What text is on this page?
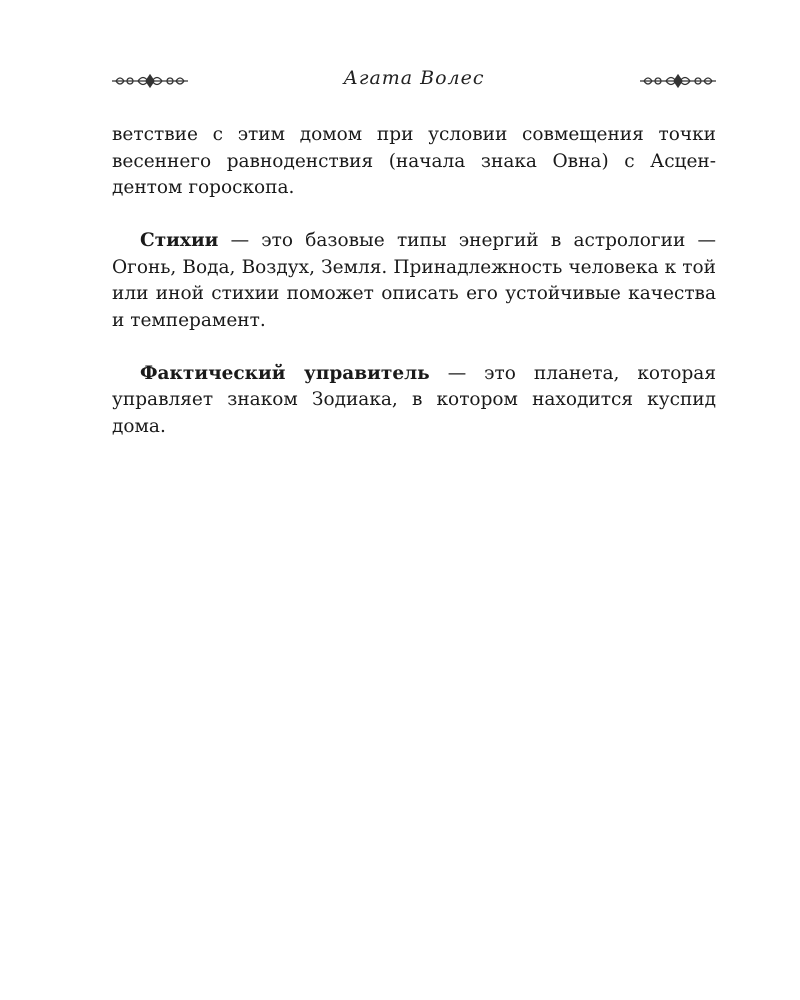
Агата Волес

ветствие с этим домом при условии совмещения точки весеннего равноденствия (начала знака Овна) с Асцендентом гороскопа.

Стихии — это базовые типы энергий в астрологии — Огонь, Вода, Воздух, Земля. Принадлежность человека к той или иной стихии поможет описать его устойчивые качества и темперамент.

Фактический управитель — это планета, которая управляет знаком Зодиака, в котором находится куспид дома.
